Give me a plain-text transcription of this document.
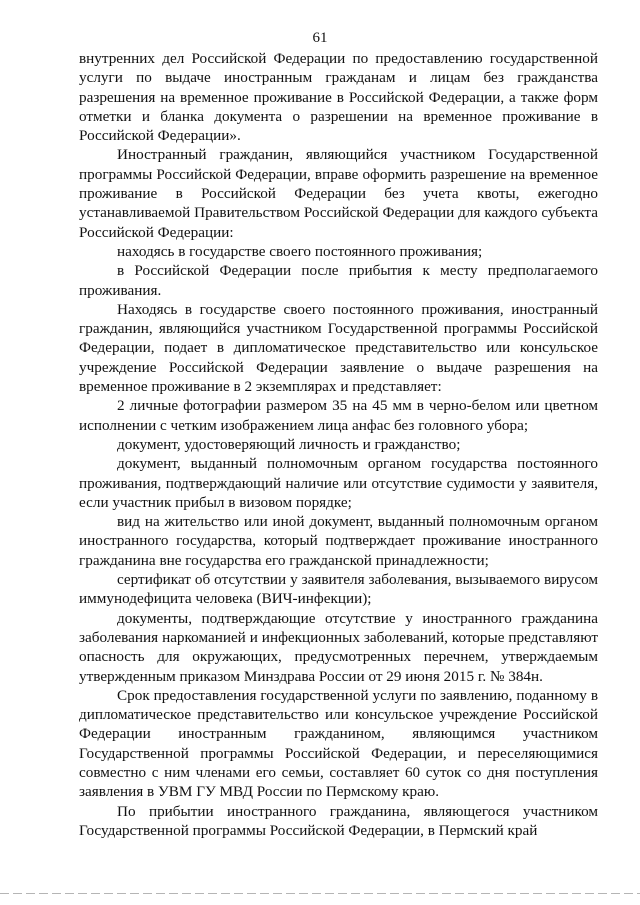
61

внутренних дел Российской Федерации по предоставлению государственной услуги по выдаче иностранным гражданам и лицам без гражданства разрешения на временное проживание в Российской Федерации, а также форм отметки и бланка документа о разрешении на временное проживание в Российской Федерации».

Иностранный гражданин, являющийся участником Государственной программы Российской Федерации, вправе оформить разрешение на временное проживание в Российской Федерации без учета квоты, ежегодно устанавливаемой Правительством Российской Федерации для каждого субъекта Российской Федерации:

находясь в государстве своего постоянного проживания;

в Российской Федерации после прибытия к месту предполагаемого проживания.

Находясь в государстве своего постоянного проживания, иностранный гражданин, являющийся участником Государственной программы Российской Федерации, подает в дипломатическое представительство или консульское учреждение Российской Федерации заявление о выдаче разрешения на временное проживание в 2 экземплярах и представляет:

2 личные фотографии размером 35 на 45 мм в черно-белом или цветном исполнении с четким изображением лица анфас без головного убора;

документ, удостоверяющий личность и гражданство;

документ, выданный полномочным органом государства постоянного проживания, подтверждающий наличие или отсутствие судимости у заявителя, если участник прибыл в визовом порядке;

вид на жительство или иной документ, выданный полномочным органом иностранного государства, который подтверждает проживание иностранного гражданина вне государства его гражданской принадлежности;

сертификат об отсутствии у заявителя заболевания, вызываемого вирусом иммунодефицита человека (ВИЧ-инфекции);

документы, подтверждающие отсутствие у иностранного гражданина заболевания наркоманией и инфекционных заболеваний, которые представляют опасность для окружающих, предусмотренных перечнем, утверждаемым утвержденным приказом Минздрава России от 29 июня 2015 г. № 384н.

Срок предоставления государственной услуги по заявлению, поданному в дипломатическое представительство или консульское учреждение Российской Федерации иностранным гражданином, являющимся участником Государственной программы Российской Федерации, и переселяющимися совместно с ним членами его семьи, составляет 60 суток со дня поступления заявления в УВМ ГУ МВД России по Пермскому краю.

По прибытии иностранного гражданина, являющегося участником Государственной программы Российской Федерации, в Пермский край
